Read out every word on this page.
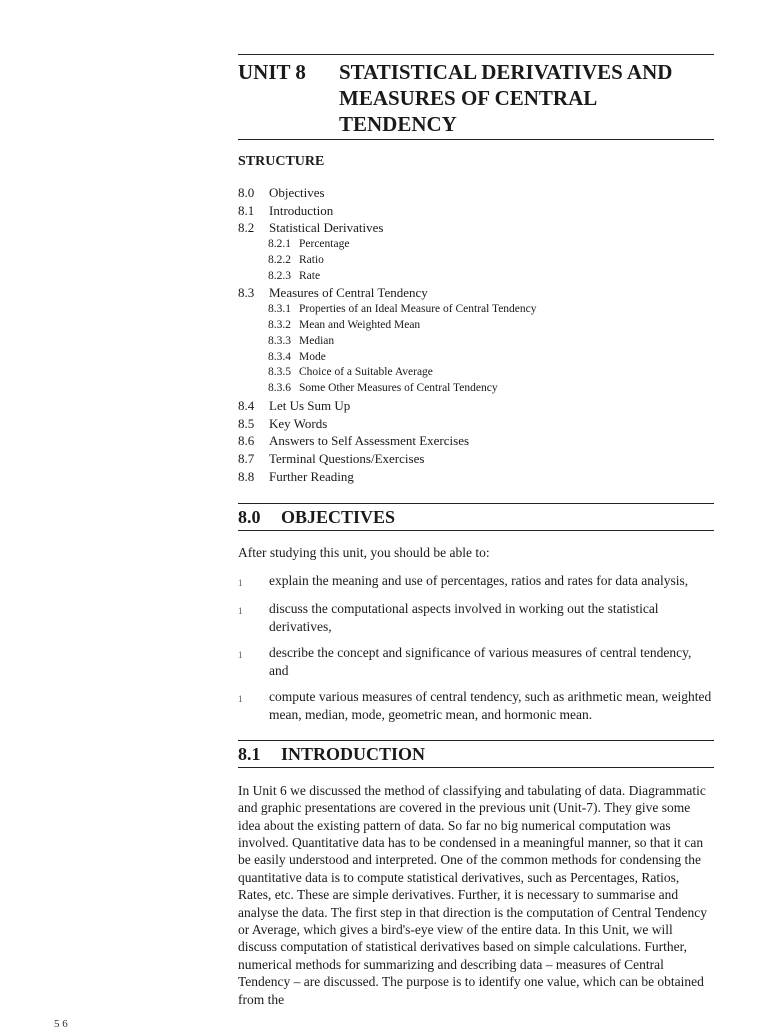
UNIT 8	STATISTICAL DERIVATIVES AND MEASURES OF CENTRAL TENDENCY
STRUCTURE
8.0	Objectives
8.1	Introduction
8.2	Statistical Derivatives
8.2.1 Percentage
8.2.2 Ratio
8.2.3 Rate
8.3	Measures of Central Tendency
8.3.1 Properties of an Ideal Measure of Central Tendency
8.3.2 Mean and Weighted Mean
8.3.3 Median
8.3.4 Mode
8.3.5 Choice of a Suitable Average
8.3.6 Some Other Measures of Central Tendency
8.4	Let Us Sum Up
8.5	Key Words
8.6	Answers to Self Assessment Exercises
8.7	Terminal Questions/Exercises
8.8	Further Reading
8.0	OBJECTIVES
After studying this unit, you should be able to:
1	explain the meaning and use of percentages, ratios and rates for data analysis,
1	discuss the computational aspects involved in working out the statistical derivatives,
1	describe the concept and significance of various measures of central tendency, and
1	compute various measures of central tendency, such as arithmetic mean, weighted mean, median, mode, geometric mean, and hormonic mean.
8.1	INTRODUCTION
In Unit 6 we discussed the method of classifying and tabulating of data. Diagrammatic and graphic presentations are covered in the previous unit (Unit-7). They give some idea about the existing pattern of data. So far no big numerical computation was involved. Quantitative data has to be condensed in a meaningful manner, so that it can be easily understood and interpreted. One of the common methods for condensing the quantitative data is to compute statistical derivatives, such as Percentages, Ratios, Rates, etc. These are simple derivatives. Further, it is necessary to summarise and analyse the data. The first step in that direction is the computation of Central Tendency or Average, which gives a bird's-eye view of the entire data. In this Unit, we will discuss computation of statistical derivatives based on simple calculations. Further, numerical methods for summarizing and describing data – measures of Central Tendency – are discussed. The purpose is to identify one value, which can be obtained from the
5 6
